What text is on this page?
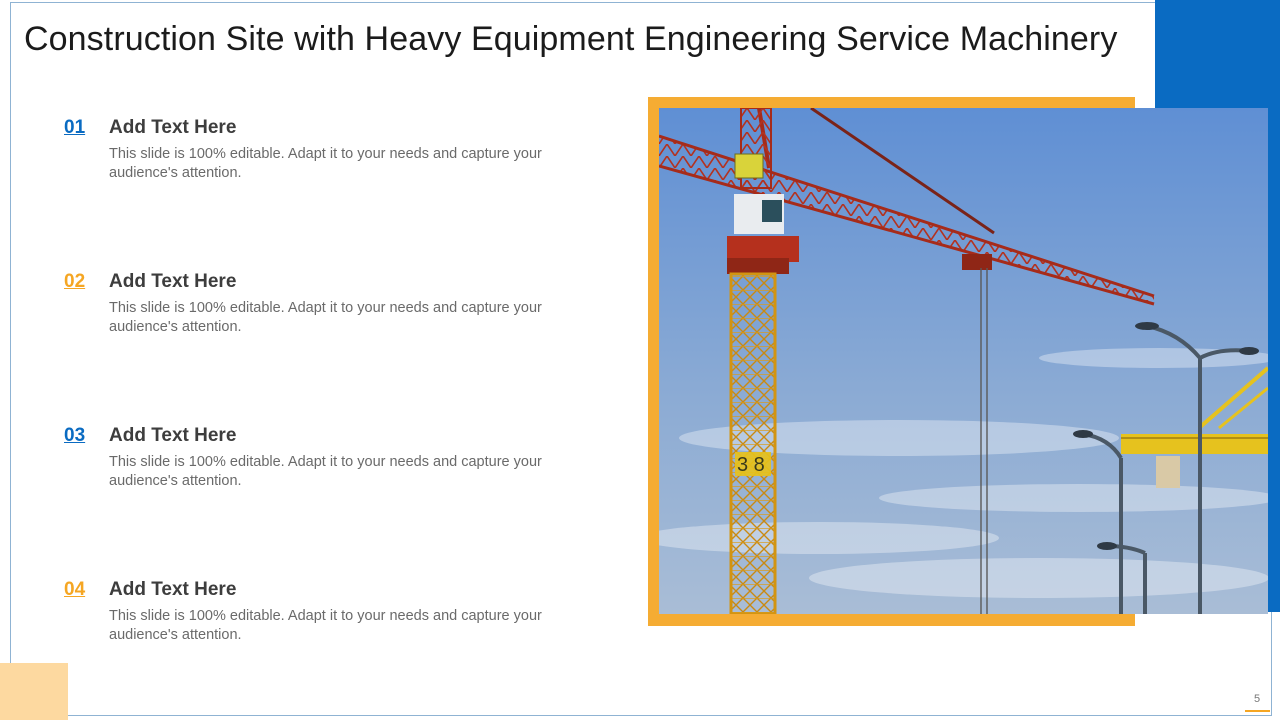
Construction Site with Heavy Equipment Engineering Service Machinery
01 Add Text Here
This slide is 100% editable. Adapt it to your needs and capture your audience's attention.
02 Add Text Here
This slide is 100% editable. Adapt it to your needs and capture your audience's attention.
03 Add Text Here
This slide is 100% editable. Adapt it to your needs and capture your audience's attention.
04 Add Text Here
This slide is 100% editable. Adapt it to your needs and capture your audience's attention.
3 8
5
